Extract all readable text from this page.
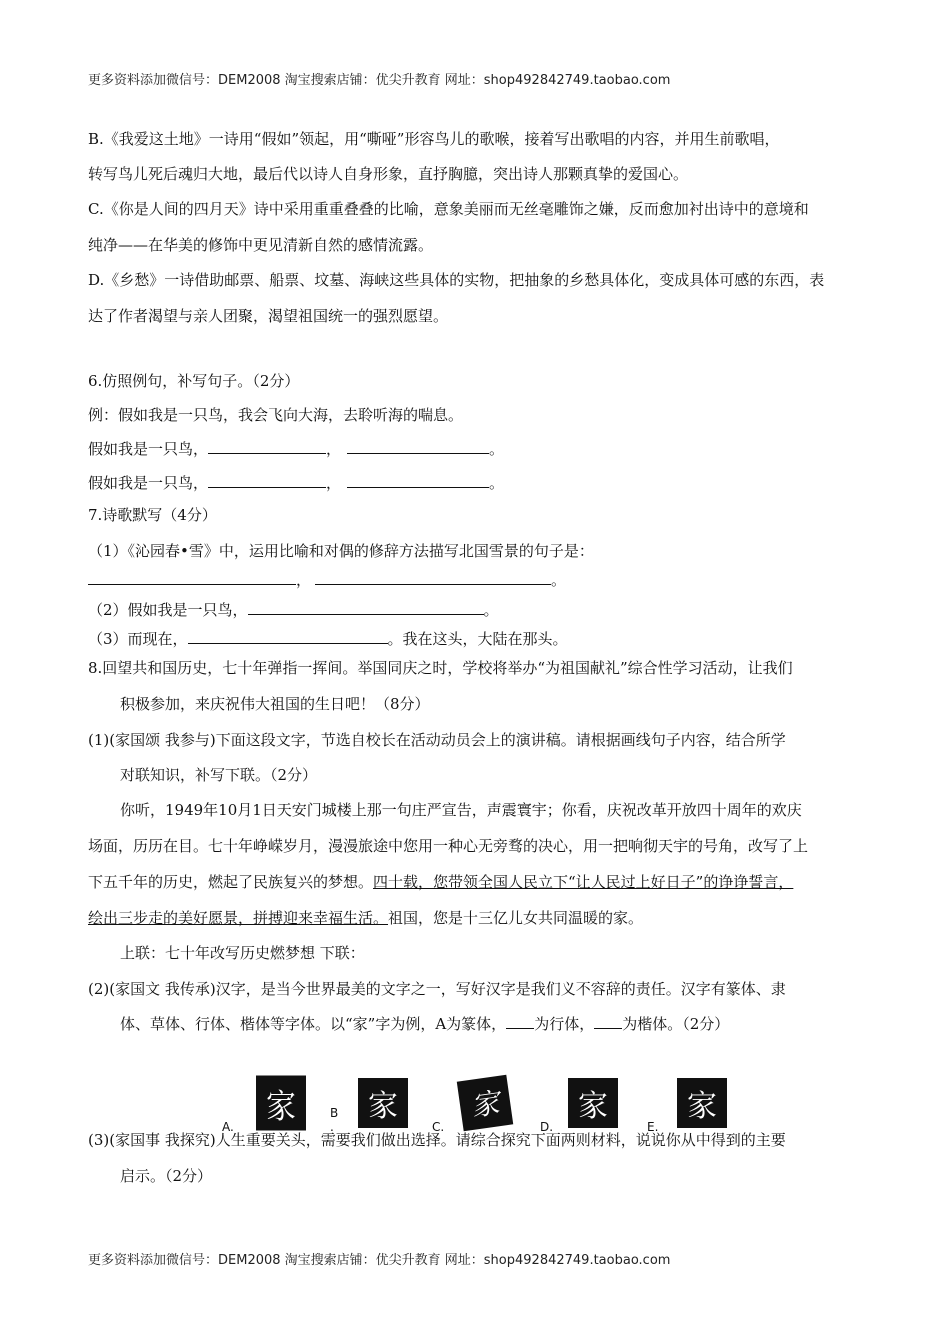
更多资料添加微信号：DEM2008 淘宝搜索店铺：优尖升教育 网址：shop492842749.taobao.com
B.《我爱这土地》一诗用“假如”领起，用“嘶哑”形容鸟儿的歌喉，接着写出歌唱的内容，并用生前歌唱，
转写鸟儿死后魂归大地，最后代以诗人自身形象，直抒胸臆，突出诗人那颗真挚的爱国心。
C.《你是人间的四月天》诗中采用重重叠叠的比喻，意象美丽而无丝毫雕饰之嫌，反而愈加衬出诗中的意境和
纯净——在华美的修饰中更见清新自然的感情流露。
D.《乡愁》一诗借助邮票、船票、坟墓、海峡这些具体的实物，把抽象的乡愁具体化，变成具体可感的东西，表
达了作者渴望与亲人团聚，渴望祖国统一的强烈愿望。
6.仿照例句，补写句子。（2分）
例：假如我是一只鸟，我会飞向大海，去聆听海的喘息。
假如我是一只鸟，	，	。
假如我是一只鸟，	，	。
7.诗歌默写（4分）
（1）《沁园春•雪》中，运用比喻和对偶的修辞方法描写北国雪景的句子是：
，	。
（2）假如我是一只鸟，	。
（3）而现在，	。我在这头，大陆在那头。
8.回望共和国历史，七十年弹指一挥间。举国同庆之时，学校将举办“为祖国献礼”综合性学习活动，让我们
积极参加，来庆祝伟大祖国的生日吧！（8分）
(1)(家国颂 我参与)下面这段文字，节选自校长在活动动员会上的演讲稿。请根据画线句子内容，结合所学
对联知识，补写下联。（2分）
你听，1949年10月1日天安门城楼上那一句庄严宣告，声震寰宇；你看，庆祝改革开放四十周年的欢庆
场面，历历在目。七十年峥嵘岁月，漫漫旅途中您用一种心无旁骛的决心，用一把响彻天宇的号角，改写了上
下五千年的历史，燃起了民族复兴的梦想。四十载，您带领全国人民立下“让人民过上好日子”的诤诤誓言，
绘出三步走的美好愿景，拼搏迎来幸福生活。祖国，您是十三亿儿女共同温暖的家。
上联：七十年改写历史燃梦想 下联：
(2)(家国文 我传承)汉字，是当今世界最美的文字之一，写好汉字是我们义不容辞的责任。汉字有篆体、隶
体、草体、行体、楷体等字体。以“家”字为例，A为篆体， 为行体， 为楷体。（2分）
A.
家	B .
家
C.
家
D.
家
E.
家
(3)(家国事 我探究)人生重要关头，需要我们做出选择。请综合探究下面两则材料，说说你从中得到的主要
启示。（2分）
更多资料添加微信号：DEM2008 淘宝搜索店铺：优尖升教育 网址：shop492842749.taobao.com
